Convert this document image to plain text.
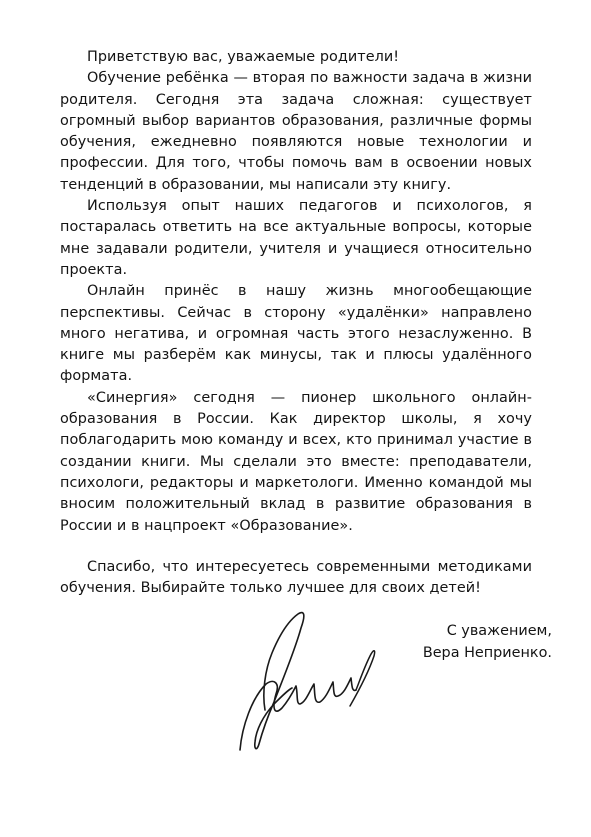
Приветствую вас, уважаемые родители!

Обучение ребёнка — вторая по важности задача в жизни родителя. Сегодня эта задача сложная: существует огромный выбор вариантов образования, различные формы обучения, ежедневно появляются новые технологии и профессии. Для того, чтобы помочь вам в освоении новых тенденций в образовании, мы написали эту книгу.

Используя опыт наших педагогов и психологов, я постаралась ответить на все актуальные вопросы, которые мне задавали родители, учителя и учащиеся относительно проекта.

Онлайн принёс в нашу жизнь многообещающие перспективы. Сейчас в сторону «удалёнки» направлено много негатива, и огромная часть этого незаслуженно. В книге мы разберём как минусы, так и плюсы удалённого формата.

«Синергия» сегодня — пионер школьного онлайн-образования в России. Как директор школы, я хочу поблагодарить мою команду и всех, кто принимал участие в создании книги. Мы сделали это вместе: преподаватели, психологи, редакторы и маркетологи. Именно командой мы вносим положительный вклад в развитие образования в России и в нацпроект «Образование».

Спасибо, что интересуетесь современными методиками обучения. Выбирайте только лучшее для своих детей!

С уважением,
Вера Неприенко.
